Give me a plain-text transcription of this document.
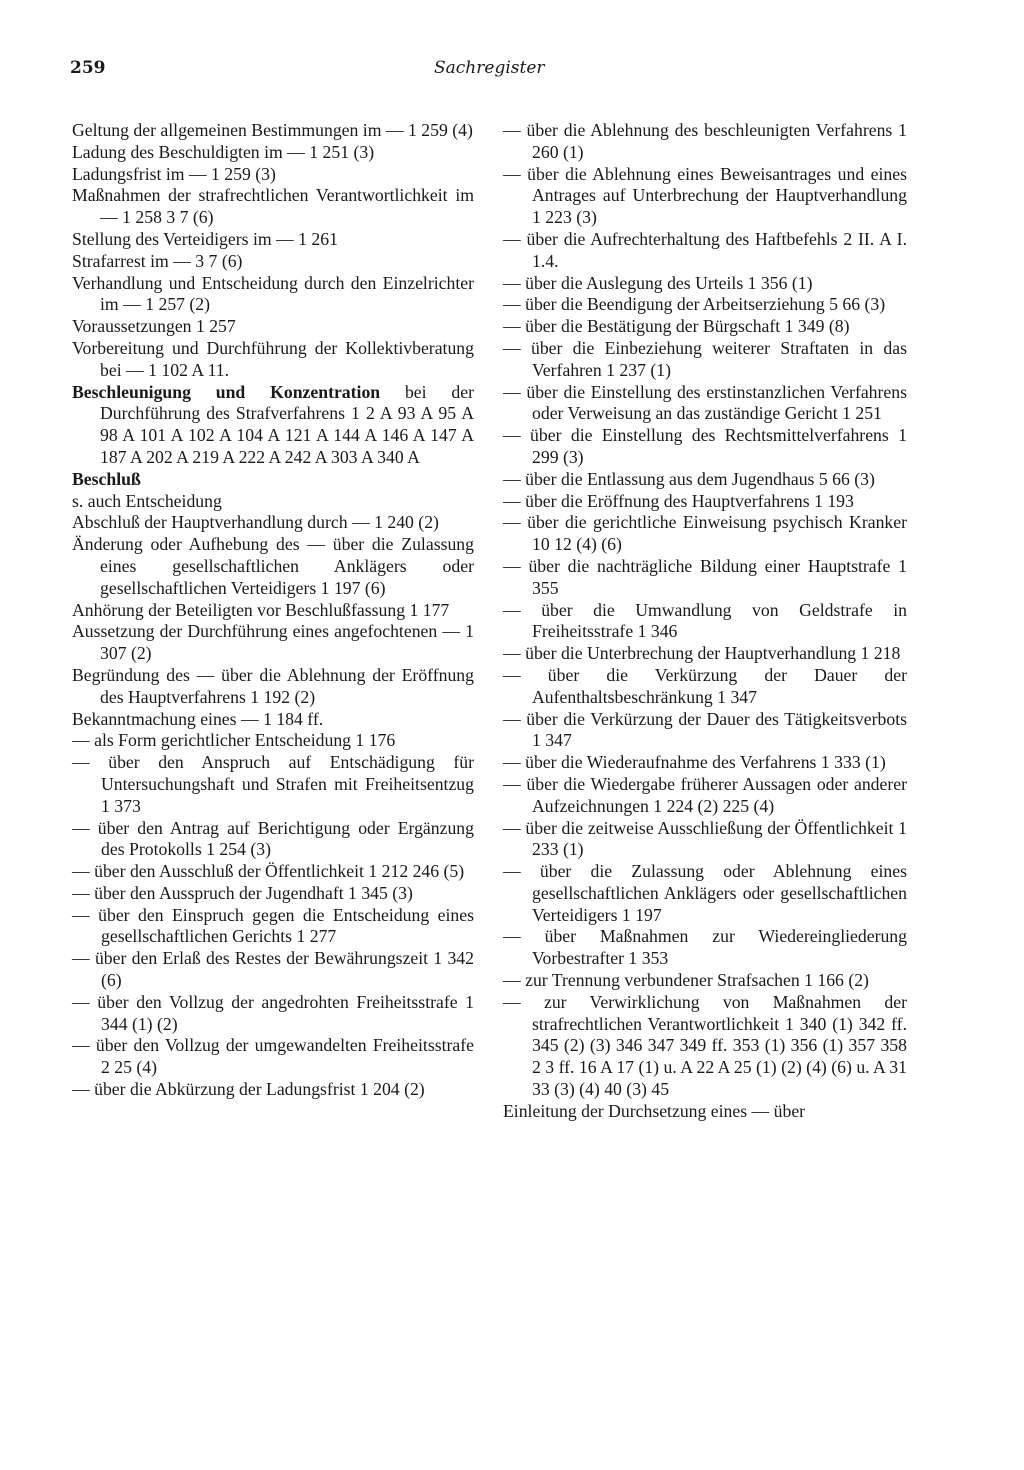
259	Sachregister
Geltung der allgemeinen Bestimmungen im — 1 259 (4)
Ladung des Beschuldigten im — 1 251 (3)
Ladungsfrist im — 1 259 (3)
Maßnahmen der strafrechtlichen Verantwortlichkeit im — 1 258 3 7 (6)
Stellung des Verteidigers im — 1 261
Strafarrest im — 3 7 (6)
Verhandlung und Entscheidung durch den Einzelrichter im — 1 257 (2)
Voraussetzungen 1 257
Vorbereitung und Durchführung der Kollektivberatung bei — 1 102 A 11.
Beschleunigung und Konzentration bei der Durchführung des Strafverfahrens 1 2 A 93 A 95 A 98 A 101 A 102 A 104 A 121 A 144 A 146 A 147 A 187 A 202 A 219 A 222 A 242 A 303 A 340 A
Beschluß
s. auch Entscheidung
Abschluß der Hauptverhandlung durch — 1 240 (2)
Änderung oder Aufhebung des — über die Zulassung eines gesellschaftlichen Anklägers oder gesellschaftlichen Verteidigers 1 197 (6)
Anhörung der Beteiligten vor Beschlußfassung 1 177
Aussetzung der Durchführung eines angefochtenen — 1 307 (2)
Begründung des — über die Ablehnung der Eröffnung des Hauptverfahrens 1 192 (2)
Bekanntmachung eines — 1 184 ff.
— als Form gerichtlicher Entscheidung 1 176
— über den Anspruch auf Entschädigung für Untersuchungshaft und Strafen mit Freiheitsentzug 1 373
— über den Antrag auf Berichtigung oder Ergänzung des Protokolls 1 254 (3)
— über den Ausschluß der Öffentlichkeit 1 212 246 (5)
— über den Ausspruch der Jugendhaft 1 345 (3)
— über den Einspruch gegen die Entscheidung eines gesellschaftlichen Gerichts 1 277
— über den Erlaß des Restes der Bewährungszeit 1 342 (6)
— über den Vollzug der angedrohten Freiheitsstrafe 1 344 (1) (2)
— über den Vollzug der umgewandelten Freiheitsstrafe 2 25 (4)
— über die Abkürzung der Ladungsfrist 1 204 (2)
— über die Ablehnung des beschleunigten Verfahrens 1 260 (1)
— über die Ablehnung eines Beweisantrages und eines Antrages auf Unterbrechung der Hauptverhandlung 1 223 (3)
— über die Aufrechterhaltung des Haftbefehls 2 II. A I. 1.4.
— über die Auslegung des Urteils 1 356 (1)
— über die Beendigung der Arbeitserziehung 5 66 (3)
— über die Bestätigung der Bürgschaft 1 349 (8)
— über die Einbeziehung weiterer Straftaten in das Verfahren 1 237 (1)
— über die Einstellung des erstinstanzlichen Verfahrens oder Verweisung an das zuständige Gericht 1 251
— über die Einstellung des Rechtsmittelverfahrens 1 299 (3)
— über die Entlassung aus dem Jugendhaus 5 66 (3)
— über die Eröffnung des Hauptverfahrens 1 193
— über die gerichtliche Einweisung psychisch Kranker 10 12 (4) (6)
— über die nachträgliche Bildung einer Hauptstrafe 1 355
— über die Umwandlung von Geldstrafe in Freiheitsstrafe 1 346
— über die Unterbrechung der Hauptverhandlung 1 218
— über die Verkürzung der Dauer der Aufenthaltsbeschränkung 1 347
— über die Verkürzung der Dauer des Tätigkeitsverbots 1 347
— über die Wiederaufnahme des Verfahrens 1 333 (1)
— über die Wiedergabe früherer Aussagen oder anderer Aufzeichnungen 1 224 (2) 225 (4)
— über die zeitweise Ausschließung der Öffentlichkeit 1 233 (1)
— über die Zulassung oder Ablehnung eines gesellschaftlichen Anklägers oder gesellschaftlichen Verteidigers 1 197
— über Maßnahmen zur Wiedereingliederung Vorbestrafter 1 353
— zur Trennung verbundener Strafsachen 1 166 (2)
— zur Verwirklichung von Maßnahmen der strafrechtlichen Verantwortlichkeit 1 340 (1) 342 ff. 345 (2) (3) 346 347 349 ff. 353 (1) 356 (1) 357 358 2 3 ff. 16 A 17 (1) u. A 22 A 25 (1) (2) (4) (6) u. A 31 33 (3) (4) 40 (3) 45
Einleitung der Durchsetzung eines — über
